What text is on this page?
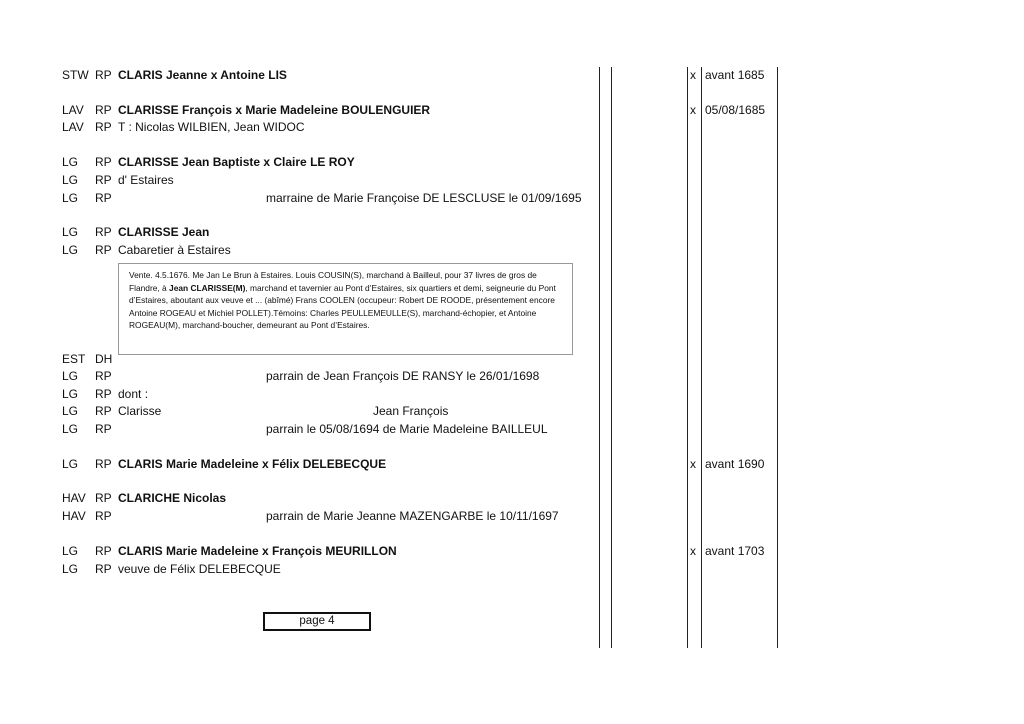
STW RP CLARIS Jeanne x Antoine LIS	x avant 1685
LAV RP CLARISSE François x Marie Madeleine BOULENGUIER	x 05/08/1685
LAV RP T : Nicolas WILBIEN, Jean WIDOC
LG RP CLARISSE Jean Baptiste x Claire LE ROY
LG RP d' Estaires
LG RP	marraine de Marie Françoise DE LESCLUSE le 01/09/1695
LG RP CLARISSE Jean
LG RP Cabaretier à Estaires
EST DH
LG RP	parrain de Jean François DE RANSY le 26/01/1698
LG RP dont :
LG RP Clarisse	Jean François
LG RP	parrain le 05/08/1694 de Marie Madeleine BAILLEUL
LG RP CLARIS Marie Madeleine x Félix DELEBECQUE	x avant 1690
HAV RP CLARICHE Nicolas
HAV RP	parrain de Marie Jeanne MAZENGARBE le 10/11/1697
LG RP CLARIS Marie Madeleine x François MEURILLON	x avant 1703
LG RP veuve de Félix DELEBECQUE
Vente. 4.5.1676. Me Jan Le Brun à Estaires. Louis COUSIN(S), marchand à Bailleul, pour 37 livres de gros de Flandre, à Jean CLARISSE(M), marchand et tavernier au Pont d’Estaires, six quartiers et demi, seigneurie du Pont d’Estaires, aboutant aux veuve et ... (abîmé) Frans COOLEN (occupeur: Robert DE ROODE, présentement encore Antoine ROGEAU et Michiel POLLET).Témoins: Charles PEULLEMEULLE(S), marchand-échopier, et Antoine ROGEAU(M), marchand-boucher, demeurant au Pont d’Estaires.
page 4
